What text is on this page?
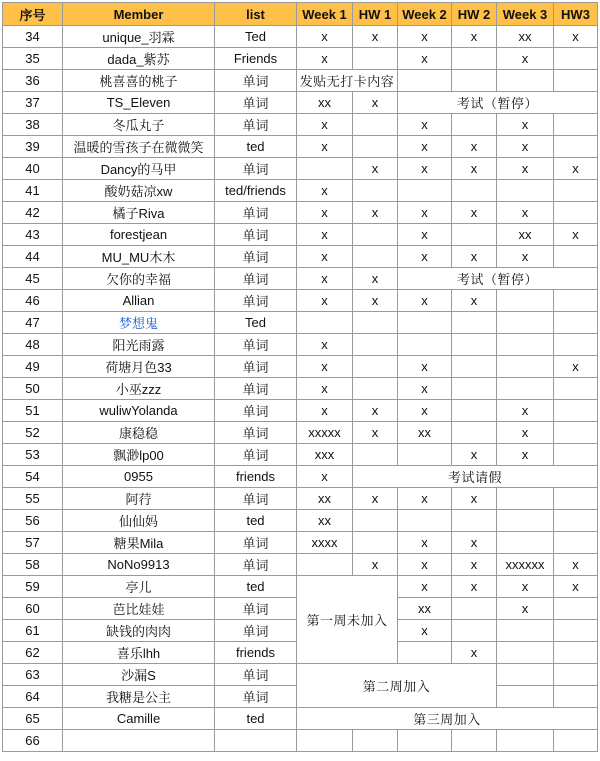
序号	Member	list	Week 1	HW 1	Week 2	HW 2	Week 3	HW3
34	unique_羽霖	Ted	x	x	x	x	xx	x
35	dada_紫苏	Friends	x		x		x	
36	桃喜喜的桃子	单词	发贴无打卡内容					
37	TS_Eleven	单词	xx	x	考试（暂停）			
38	冬瓜丸子	单词	x		x		x	
39	温暖的雪孩子在微微笑	ted	x		x	x	x	
40	Dancy的马甲	单词		x	x	x	x	x
41	酸奶菇凉xw	ted/friends	x					
42	橘子Riva	单词	x	x	x	x	x	
43	forestjean	单词	x		x		xx	x
44	MU_MU木木	单词	x		x	x	x	
45	欠你的幸福	单词	x	x	考试（暂停）			
46	Allian	单词	x	x	x	x		
47	梦想鬼	Ted						
48	阳光雨露	单词	x					
49	荷塘月色33	单词	x		x			x
50	小巫zzz	单词	x		x			
51	wuliwYolanda	单词	x	x	x		x	
52	康稳稳	单词	xxxxx	x	xx		x	
53	飘渺lp00	单词	xxx			x	x	
54	0955	friends	x	考试请假				
55	阿荇	单词	xx	x	x	x		
56	仙仙妈	ted	xx					
57	糖果Mila	单词	xxxx		x	x		
58	NoNo9913	单词		x	x	x	xxxxxx	x
59	亭儿	ted	第一周未加入		x	x	x	x
60	芭比娃娃	单词			xx		x	
61	缺钱的肉肉	单词			x			
62	喜乐lhh	friends				x		
63	沙漏S	单词	第二周加入					
64	我糖是公主	单词						
65	Camille	ted	第三周加入					
66								
